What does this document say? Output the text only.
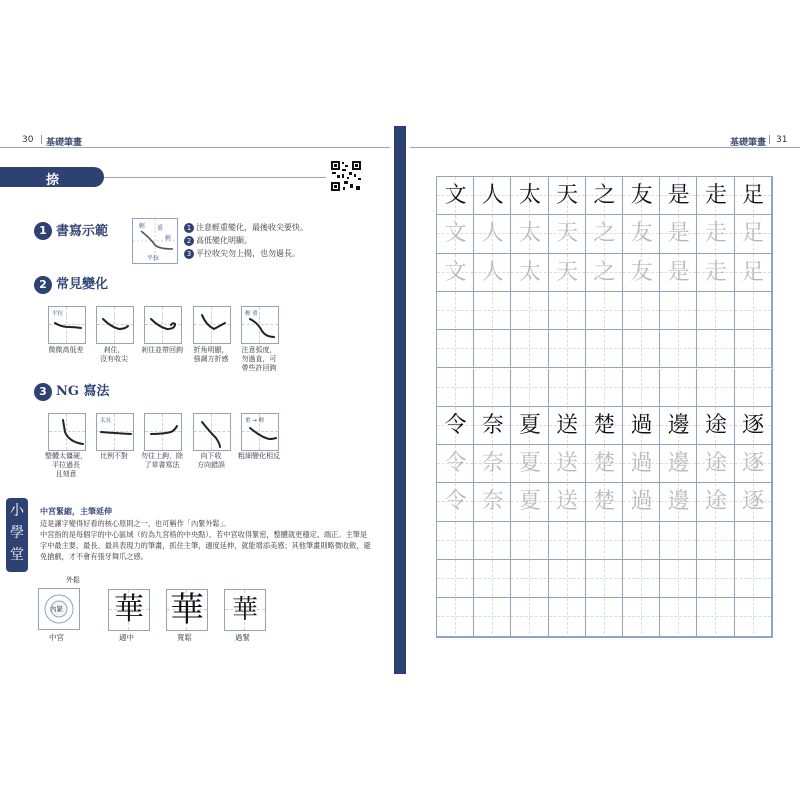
30 | 基礎筆畫
捺
1 書寫示範	輕 重
輕
平拉
1 注意輕重變化，最後收尖要快。
2 高低變化明顯。
3 平拉收尖勿上揚，也勿過長。
2 常見變化
平拉
微微高低差	剎住，
沒有收尖
剎住並帶回鉤	折角明顯，
強調方折感
輕 重
注意弧度，
勿過直，可
帶些許回鉤
整體太僵硬，
平拉過長
且刻意
太長
比例不對	勿往上鉤，除
了草書寫法
向下收
方向錯誤
重 → 輕
粗細變化相反
3 NG 寫法
小學堂
中宮緊縮，主筆延伸
這是讓字變得好看的核心原則之一，也可稱作「內緊外鬆」。
中宮指的是每個字的中心區域（約為九宮格的中央點），若中宮收得緊密，整體就更穩定、端正。主筆是
字中最主要、最長、最具表現力的筆畫，抓住主筆，適度延伸，就能增添美感；其他筆畫則略微收斂，避
免搶戲，才不會有張牙舞爪之感。
內緊
外鬆
中宮
華
適中
華
寬鬆
華
過緊
基礎筆畫 | 31
文 人 太 天 之 友 是 走 足
文 人 太 天 之 友 是 走 足
文 人 太 天 之 友 是 走 足
令 奈 夏 送 楚 過 邊 途 逐
令 奈 夏 送 楚 過 邊 途 逐
令 奈 夏 送 楚 過 邊 途 逐
